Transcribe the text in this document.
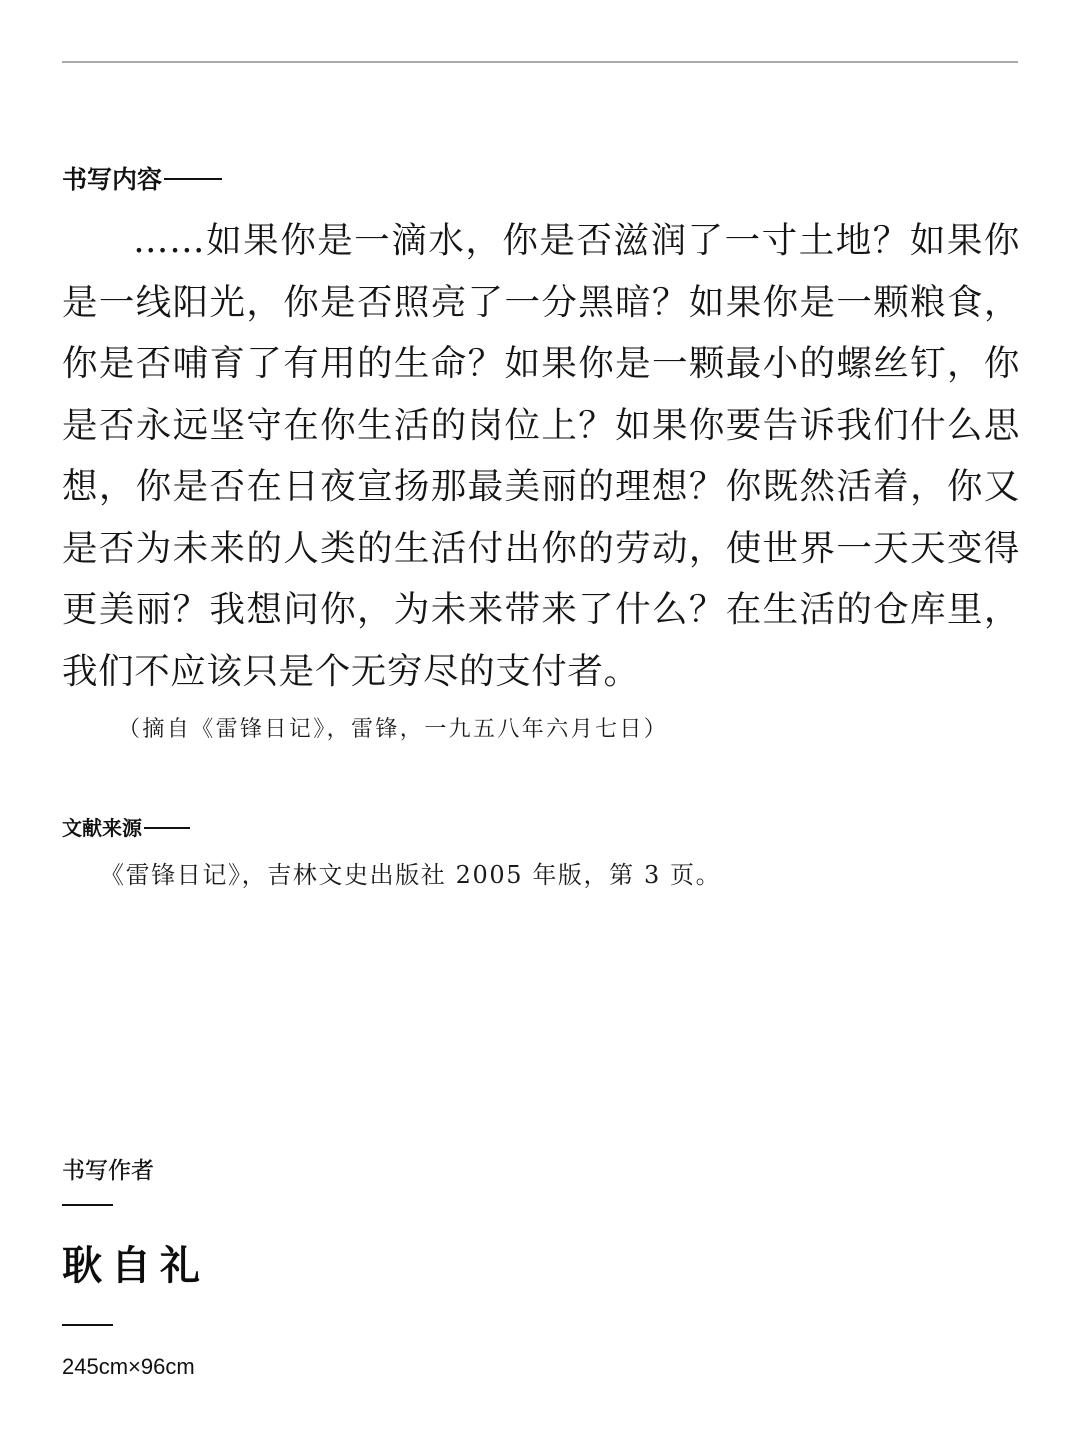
书写内容
……如果你是一滴水，你是否滋润了一寸土地？如果你是一线阳光，你是否照亮了一分黑暗？如果你是一颗粮食，你是否哺育了有用的生命？如果你是一颗最小的螺丝钉，你是否永远坚守在你生活的岗位上？如果你要告诉我们什么思想，你是否在日夜宣扬那最美丽的理想？你既然活着，你又是否为未来的人类的生活付出你的劳动，使世界一天天变得更美丽？我想问你，为未来带来了什么？在生活的仓库里，我们不应该只是个无穷尽的支付者。
（摘自《雷锋日记》，雷锋，一九五八年六月七日）
文献来源
《雷锋日记》，吉林文史出版社 2005 年版，第 3 页。
书写作者
耿自礼
245cm×96cm
